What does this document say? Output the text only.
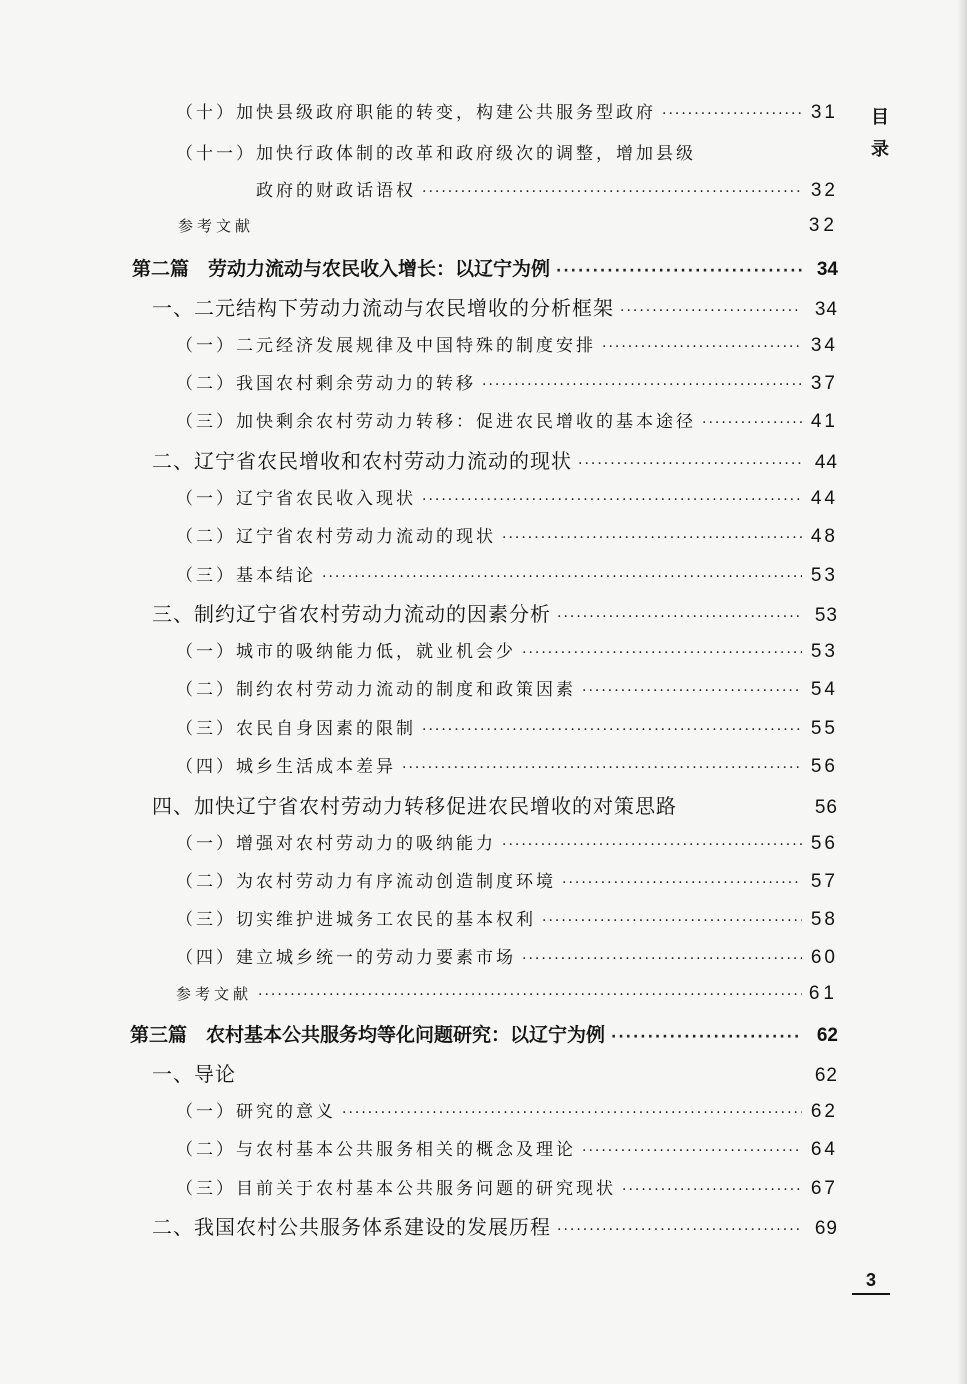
目
录
（十）加快县级政府职能的转变，构建公共服务型政府 ·····	31
（十一）加快行政体制的改革和政府级次的调整，增加县级
政府的财政话语权 ·····	32
参考文献	32
第二篇　劳动力流动与农民收入增长：以辽宁为例 ·····	34
一、二元结构下劳动力流动与农民增收的分析框架 ·····	34
（一）二元经济发展规律及中国特殊的制度安排 ·····	34
（二）我国农村剩余劳动力的转移 ·····	37
（三）加快剩余农村劳动力转移：促进农民增收的基本途径 ·····	41
二、辽宁省农民增收和农村劳动力流动的现状 ·····	44
（一）辽宁省农民收入现状 ·····	44
（二）辽宁省农村劳动力流动的现状 ·····	48
（三）基本结论 ·····	53
三、制约辽宁省农村劳动力流动的因素分析 ·····	53
（一）城市的吸纳能力低，就业机会少 ·····	53
（二）制约农村劳动力流动的制度和政策因素 ·····	54
（三）农民自身因素的限制 ·····	55
（四）城乡生活成本差异 ·····	56
四、加快辽宁省农村劳动力转移促进农民增收的对策思路	56
（一）增强对农村劳动力的吸纳能力 ·····	56
（二）为农村劳动力有序流动创造制度环境 ·····	57
（三）切实维护进城务工农民的基本权利 ·····	58
（四）建立城乡统一的劳动力要素市场 ·····	60
参考文献 ·····	61
第三篇　农村基本公共服务均等化问题研究：以辽宁为例 ·····	62
一、导论	62
（一）研究的意义 ·····	62
（二）与农村基本公共服务相关的概念及理论 ·····	64
（三）目前关于农村基本公共服务问题的研究现状 ·····	67
二、我国农村公共服务体系建设的发展历程 ·····	69
3
